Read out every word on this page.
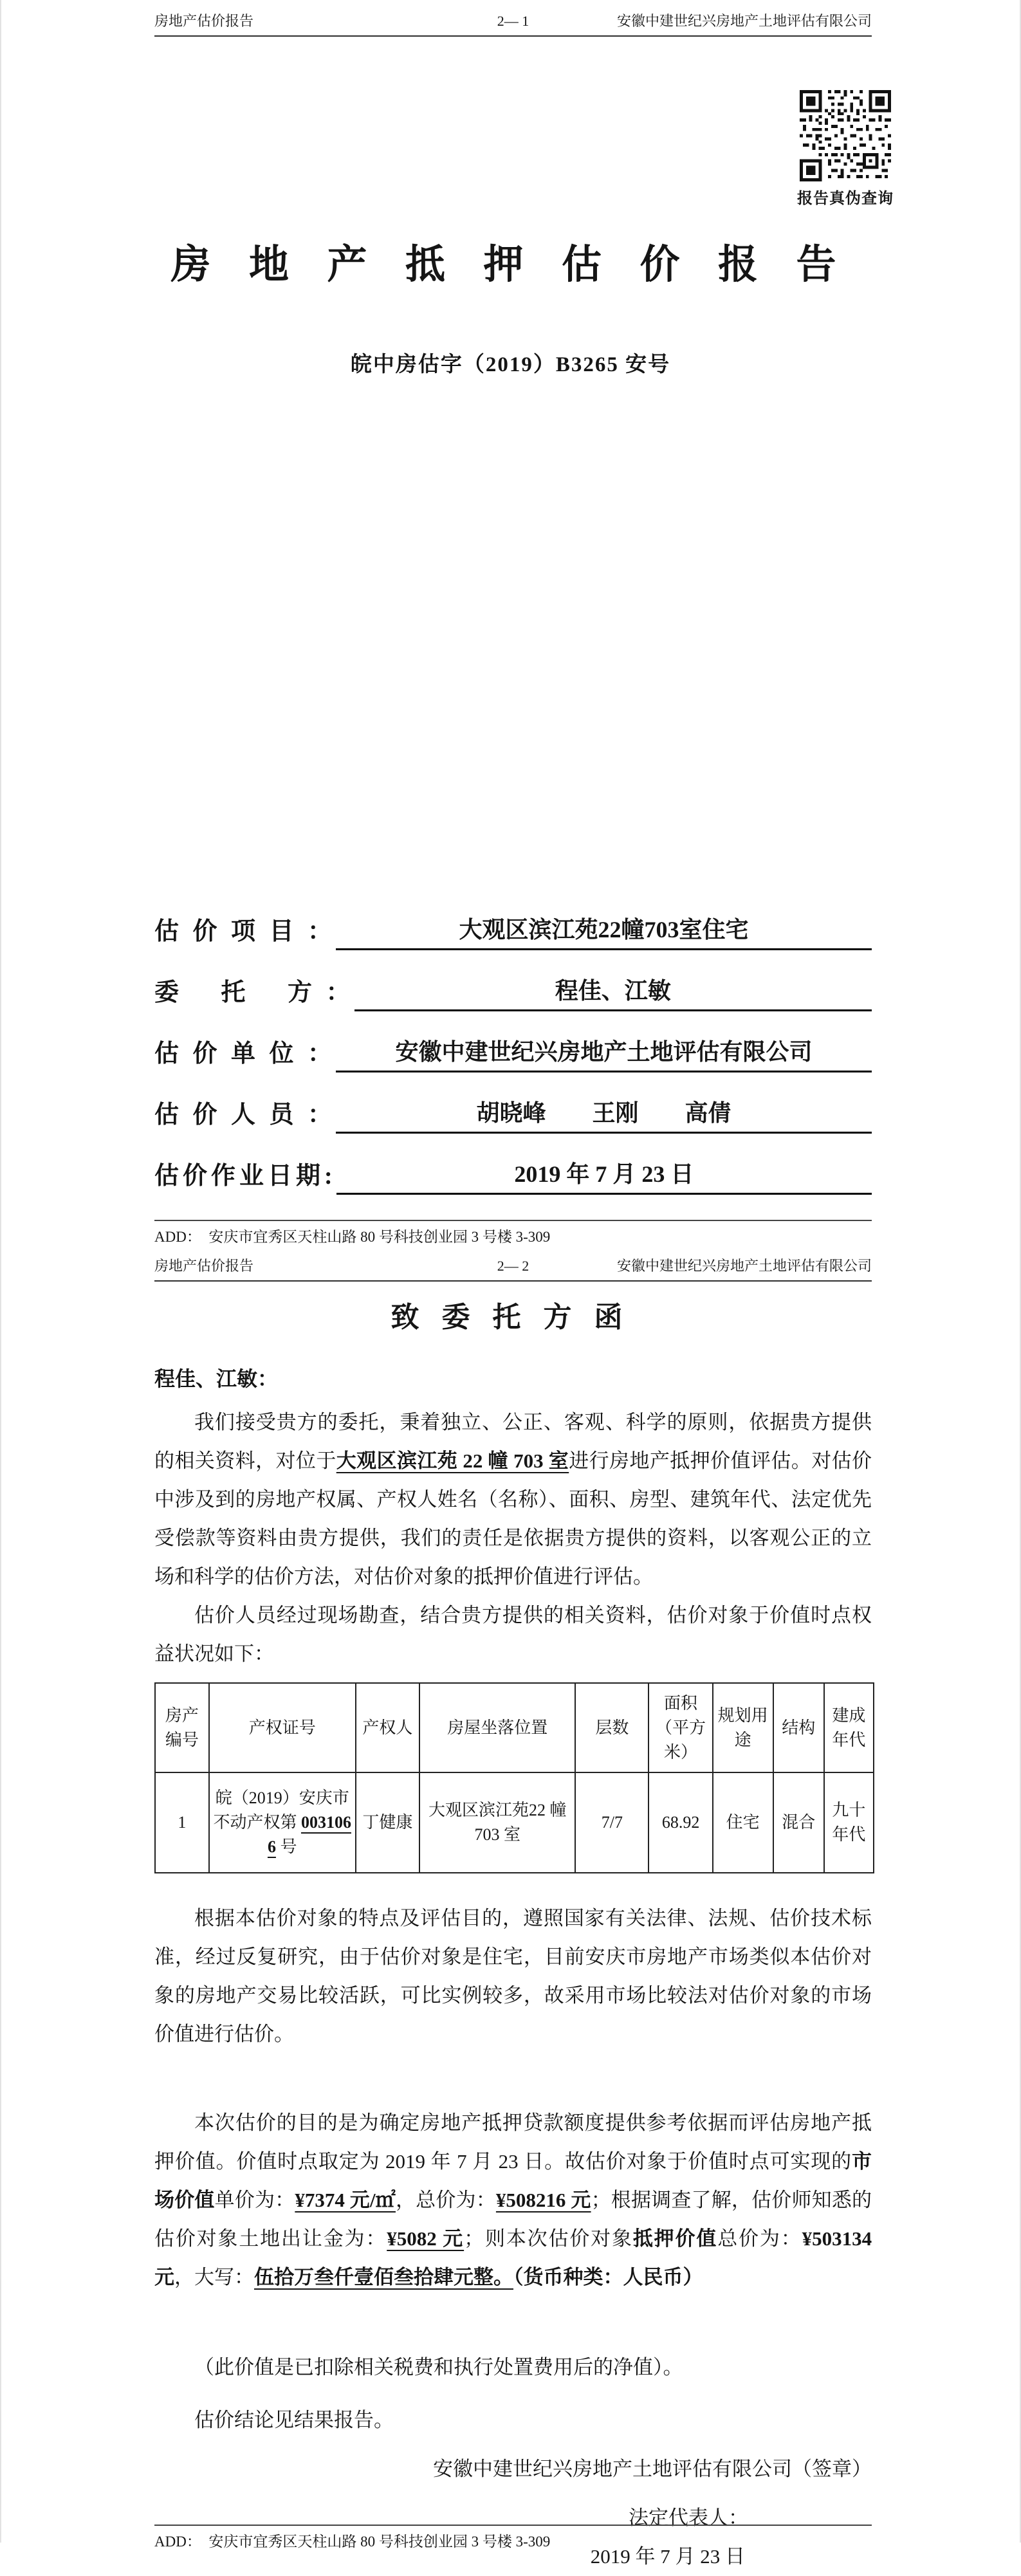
房地产估价报告	2— 1	安徽中建世纪兴房地产土地评估有限公司
报告真伪查询
房 地 产 抵 押 估 价 报 告
皖中房估字（2019）B3265 安号
估 价 项 目 ：	大观区滨江苑22幢703室住宅
委　 托 　方 ：	程佳、江敏
估 价 单 位 ：	安徽中建世纪兴房地产土地评估有限公司
估 价 人 员 ：	胡晓峰　　王刚　　高倩
估价作业日期:	2019 年 7 月 23 日
ADD：  安庆市宜秀区天柱山路 80 号科技创业园 3 号楼 3-309
房地产估价报告	2— 2	安徽中建世纪兴房地产土地评估有限公司
致 委 托 方 函

程佳、江敏：

我们接受贵方的委托，秉着独立、公正、客观、科学的原则，依据贵方提供的相关资料，对位于大观区滨江苑 22 幢 703 室进行房地产抵押价值评估。对估价中涉及到的房地产权属、产权人姓名（名称）、面积、房型、建筑年代、法定优先受偿款等资料由贵方提供，我们的责任是依据贵方提供的资料，以客观公正的立场和科学的估价方法，对估价对象的抵押价值进行评估。

估价人员经过现场勘查，结合贵方提供的相关资料，估价对象于价值时点权益状况如下：

房产编号	产权证号	产权人	房屋坐落位置	层数	面积（平方米）	规划用途	结构	建成年代
1	皖（2019）安庆市不动产权第 0031066 号	丁健康	大观区滨江苑22 幢 703 室	7/7	68.92	住宅	混合	九十年代

根据本估价对象的特点及评估目的，遵照国家有关法律、法规、估价技术标准，经过反复研究，由于估价对象是住宅，目前安庆市房地产市场类似本估价对象的房地产交易比较活跃，可比实例较多，故采用市场比较法对估价对象的市场价值进行估价。

本次估价的目的是为确定房地产抵押贷款额度提供参考依据而评估房地产抵押价值。价值时点取定为 2019 年 7 月 23 日。故估价对象于价值时点可实现的市场价值单价为：¥7374 元/㎡，总价为：¥508216 元；根据调查了解，估价师知悉的估价对象土地出让金为：¥5082 元；则本次估价对象抵押价值总价为：¥503134 元，大写：伍拾万叁仟壹佰叁拾肆元整。（货币种类：人民币）

（此价值是已扣除相关税费和执行处置费用后的净值）。

估价结论见结果报告。

安徽中建世纪兴房地产土地评估有限公司（签章）
法定代表人：
2019 年 7 月 23 日
ADD：  安庆市宜秀区天柱山路 80 号科技创业园 3 号楼 3-309
